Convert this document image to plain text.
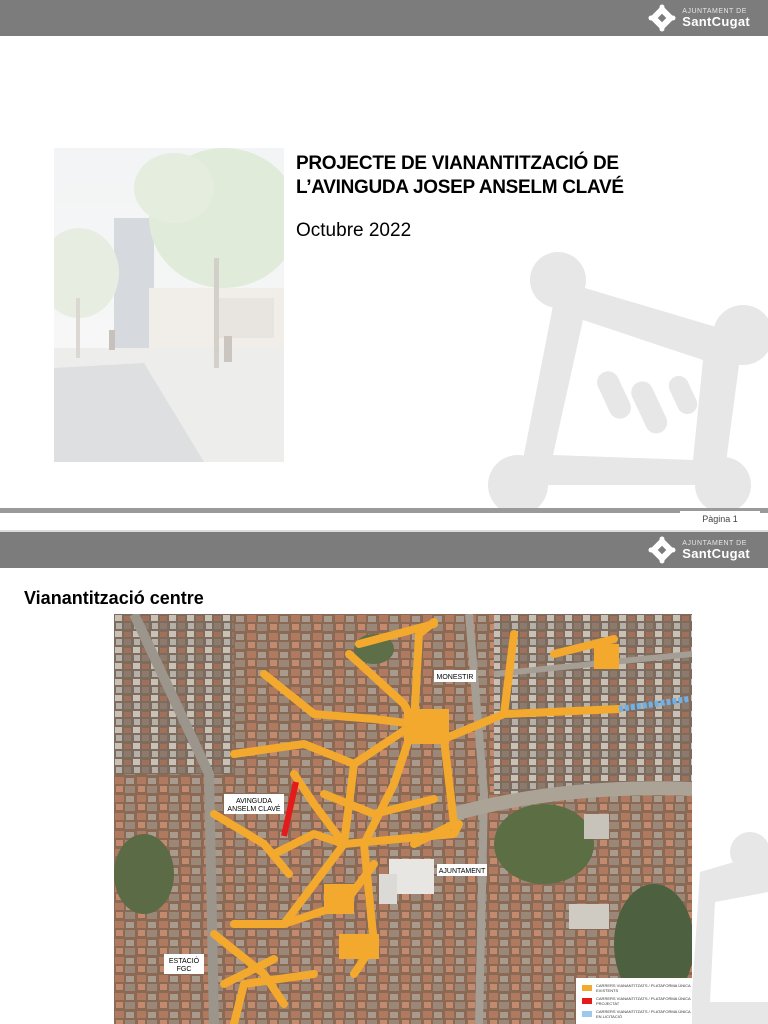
AJUNTAMENT DE
SantCugat
PROJECTE DE VIANANTITZACIÓ DE
L’AVINGUDA JOSEP ANSELM CLAVÉ
Octubre 2022
Pàgina 1
AJUNTAMENT DE
SantCugat
Vianantització centre
MONESTIR
AVINGUDA
ANSELM CLAVÉ
AJUNTAMENT
ESTACIÓ
FGC
CARRERS VIANANTITZATS / PLATAFORMA ÚNICA
EXISTENTS
CARRERS VIANANTITZATS / PLATAFORMA ÚNICA
PROJECTAT
CARRERS VIANANTITZATS / PLATAFORMA ÚNICA
EN LICITACIÓ
